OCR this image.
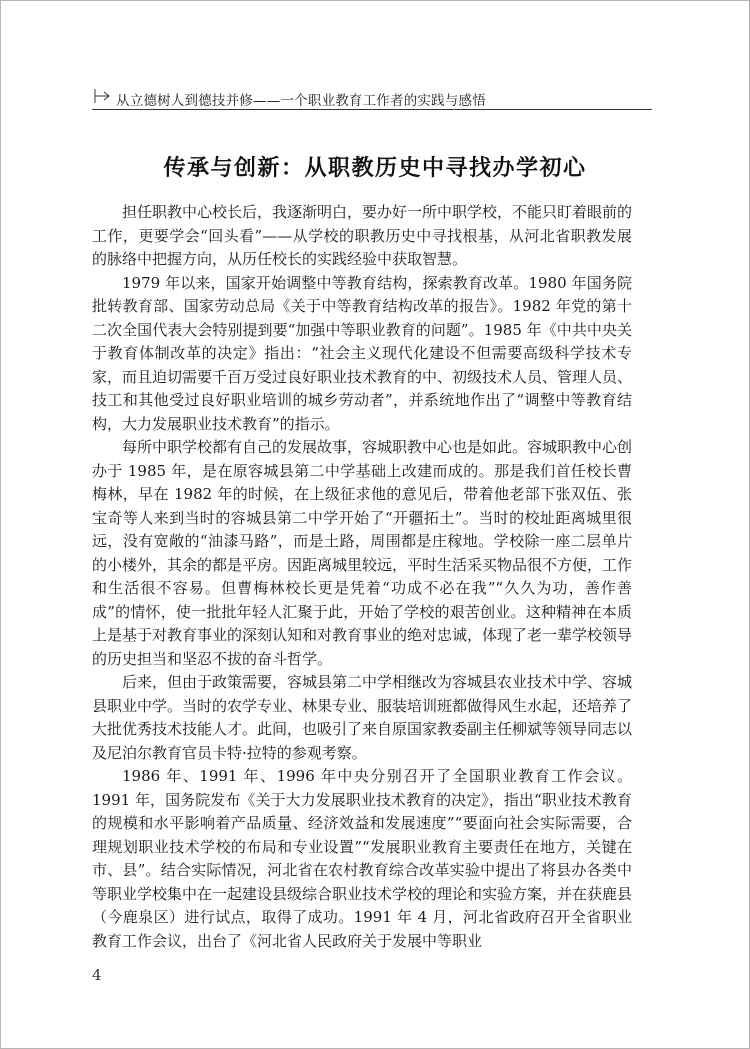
从立德树人到德技并修——一个职业教育工作者的实践与感悟
传承与创新：从职教历史中寻找办学初心

担任职教中心校长后，我逐渐明白，要办好一所中职学校，不能只盯着眼前的工作，更要学会“回头看”——从学校的职教历史中寻找根基，从河北省职教发展的脉络中把握方向，从历任校长的实践经验中获取智慧。

1979 年以来，国家开始调整中等教育结构，探索教育改革。1980 年国务院批转教育部、国家劳动总局《关于中等教育结构改革的报告》。1982 年党的第十二次全国代表大会特别提到要“加强中等职业教育的问题”。1985 年《中共中央关于教育体制改革的决定》指出：“社会主义现代化建设不但需要高级科学技术专家，而且迫切需要千百万受过良好职业技术教育的中、初级技术人员、管理人员、技工和其他受过良好职业培训的城乡劳动者”，并系统地作出了“调整中等教育结构，大力发展职业技术教育”的指示。

每所中职学校都有自己的发展故事，容城职教中心也是如此。容城职教中心创办于 1985 年，是在原容城县第二中学基础上改建而成的。那是我们首任校长曹梅林，早在 1982 年的时候，在上级征求他的意见后，带着他老部下张双伍、张宝奇等人来到当时的容城县第二中学开始了“开疆拓土”。当时的校址距离城里很远，没有宽敞的“油漆马路”，而是土路，周围都是庄稼地。学校除一座二层单片的小楼外，其余的都是平房。因距离城里较远，平时生活采买物品很不方便，工作和生活很不容易。但曹梅林校长更是凭着“功成不必在我”“久久为功，善作善成”的情怀，使一批批年轻人汇聚于此，开始了学校的艰苦创业。这种精神在本质上是基于对教育事业的深刻认知和对教育事业的绝对忠诚，体现了老一辈学校领导的历史担当和坚忍不拔的奋斗哲学。

后来，但由于政策需要，容城县第二中学相继改为容城县农业技术中学、容城县职业中学。当时的农学专业、林果专业、服装培训班都做得风生水起，还培养了大批优秀技术技能人才。此间，也吸引了来自原国家教委副主任柳斌等领导同志以及尼泊尔教育官员卡特·拉特的参观考察。

1986 年、1991 年、1996 年中央分别召开了全国职业教育工作会议。1991 年，国务院发布《关于大力发展职业技术教育的决定》，指出“职业技术教育的规模和水平影响着产品质量、经济效益和发展速度”“要面向社会实际需要，合理规划职业技术学校的布局和专业设置”“发展职业教育主要责任在地方，关键在市、县”。结合实际情况，河北省在农村教育综合改革实验中提出了将县办各类中等职业学校集中在一起建设县级综合职业技术学校的理论和实验方案，并在获鹿县（今鹿泉区）进行试点，取得了成功。1991 年 4 月，河北省政府召开全省职业教育工作会议，出台了《河北省人民政府关于发展中等职业

4
